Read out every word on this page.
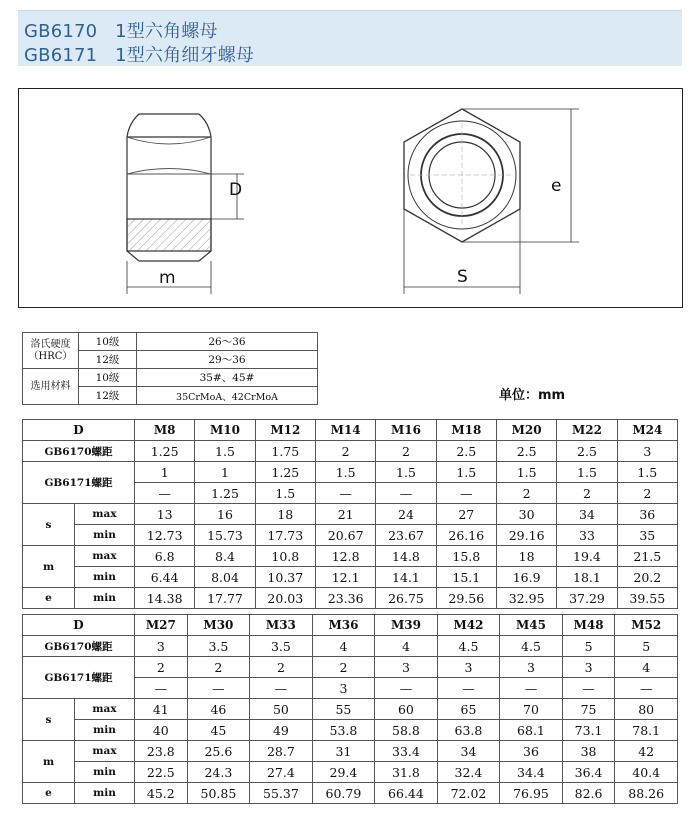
GB6170   1型六角螺母
GB6171   1型六角细牙螺母
D
m
e
S
洛氏硬度
（HRC）	10级	26～36
	12级	29～36
选用材料	10级	35#、45#
	12级	35CrMoA、42CrMoA	单位：mm
D		M8	M10	M12	M14	M16	M18	M20	M22	M24
GB6170螺距		1.25	1.5	1.75	2	2	2.5	2.5	2.5	3
GB6171螺距		1	1	1.25	1.5	1.5	1.5	1.5	1.5	1.5
		—	1.25	1.5	—	—	—	2	2	2
s	max	13	16	18	21	24	27	30	34	36
	min	12.73	15.73	17.73	20.67	23.67	26.16	29.16	33	35
m	max	6.8	8.4	10.8	12.8	14.8	15.8	18	19.4	21.5
	min	6.44	8.04	10.37	12.1	14.1	15.1	16.9	18.1	20.2
e	min	14.38	17.77	20.03	23.36	26.75	29.56	32.95	37.29	39.55
D		M27	M30	M33	M36	M39	M42	M45	M48	M52
GB6170螺距		3	3.5	3.5	4	4	4.5	4.5	5	5
GB6171螺距		2	2	2	2	3	3	3	3	4
		—	—	—	3	—	—	—	—	—
s	max	41	46	50	55	60	65	70	75	80
	min	40	45	49	53.8	58.8	63.8	68.1	73.1	78.1
m	max	23.8	25.6	28.7	31	33.4	34	36	38	42
	min	22.5	24.3	27.4	29.4	31.8	32.4	34.4	36.4	40.4
e	min	45.2	50.85	55.37	60.79	66.44	72.02	76.95	82.6	88.26
